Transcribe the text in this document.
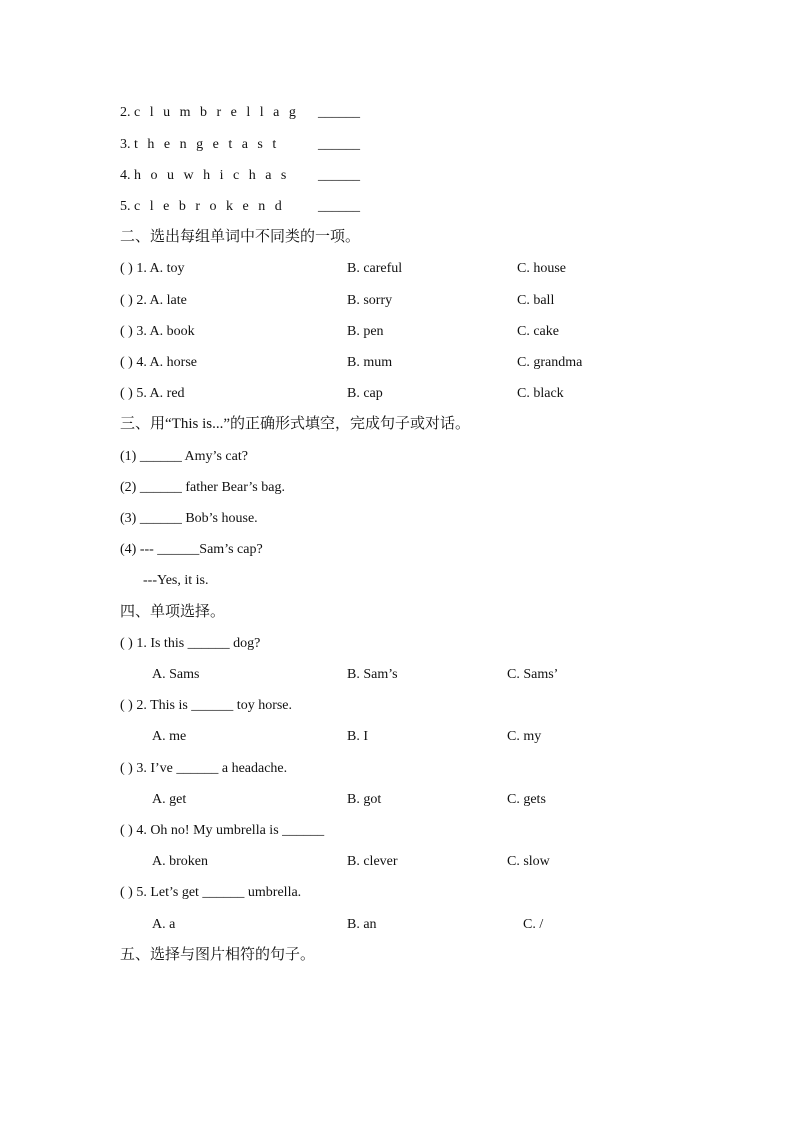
2. c l u m b r e l l a g ______
3. t h e n g e t a s t	______
4. h o u w h i c h a s ______
5. c l e b r o k e n d ______
二、选出每组单词中不同类的一项。
( ) 1. A. toy	B. careful	C. house
( ) 2. A. late	B. sorry	C. ball
( ) 3. A. book	B. pen	C. cake
( ) 4. A. horse	B. mum	C. grandma
( ) 5. A. red	B. cap	C. black
三、用“This is...”的正确形式填空，完成句子或对话。
(1) ______ Amy’s cat?
(2) ______ father Bear’s bag.
(3) ______ Bob’s house.
(4) --- ______Sam’s cap?
---Yes, it is.
四、单项选择。
( ) 1. Is this ______ dog?
A. Sams	B. Sam’s	C. Sams’
( ) 2. This is ______ toy horse.
A. me	B. I	C. my
( ) 3. I’ve ______ a headache.
A. get	B. got	C. gets
( ) 4. Oh no! My umbrella is ______
A. broken	B. clever	C. slow
( ) 5. Let’s get ______ umbrella.
A. a	B. an	C. /
五、选择与图片相符的句子。
